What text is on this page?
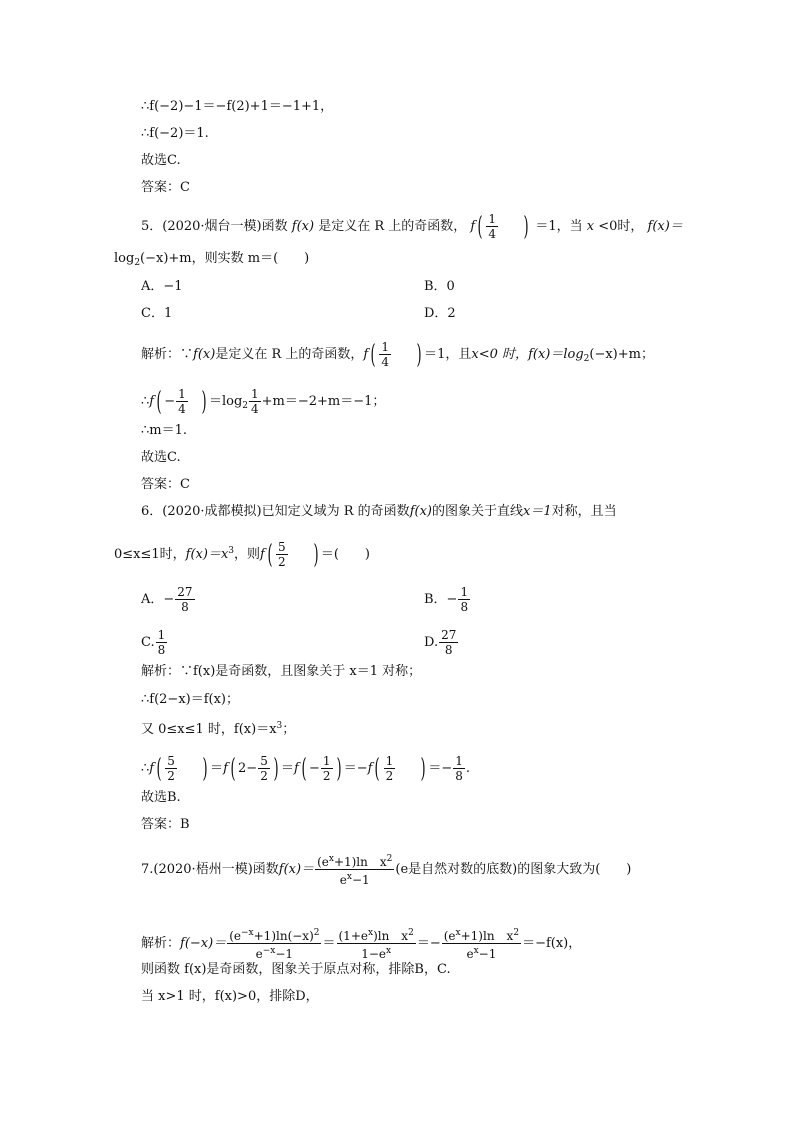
∴f(−2)−1＝−f(2)+1＝−1+1，
∴f(−2)＝1.
故选C.
答案：C
5．(2020·烟台一模)函数 f(x) 是定义在 R 上的奇函数， $f( \frac{1}{4}$ ) ＝1，当 x <0时， f(x)＝
$\log_2(-x)+m$，则实数 m＝(　　)
A．−1	B．0
C．1	D．2
解析：∵f(x)是定义在 R 上的奇函数，$f( \frac{1}{4}$ ) ＝1，且x<0 时，$f(x)=\log_2(-x)+m$；
∴f( − $\frac{1}{4}$ ) $=\log_2 \frac{1}{4} +m=-2+m=-1$；
∴m＝1.
故选C.
答案：C
6．(2020·成都模拟)已知定义域为 R 的奇函数f(x)的图象关于直线x＝1对称，且当
0≤x≤1时，$f(x)=x^3$，则$f( \frac{5}{2}$ ) ＝(　　)
A．− $\frac{27}{8}$	B．− $\frac{1}{8}$
C. $\frac{1}{8}$	D. $\frac{27}{8}$
解析：∵f(x)是奇函数，且图象关于 x＝1 对称；
∴f(2−x)＝f(x)；
又 0≤x≤1 时，$f(x)=x^3$；
∴f( $\frac{5}{2}$ ) ＝f( $2- \frac{5}{2}$ ) $=f( - \frac{1}{2}$ ) $=-f( \frac{1}{2}$ ) ＝− $\frac{1}{8}$ .
故选B.
答案：B
7.(2020·梧州一模)函数$f(x)= \frac{(e^x+1)\ln x^2}{e^x-1} (e$是自然对数的底数)的图象大致为(　　)
解析：$f(-x)= \frac{(e^{-x}+1)\ln(-x)^2}{e^{-x}-1} = \frac{(1+e^x)\ln x^2}{1-e^x} =- \frac{(e^x+1)\ln x^2}{e^x-1} =-f(x)$，
则函数 f(x)是奇函数，图象关于原点对称，排除B，C.
当 x>1 时，f(x)>0，排除D，
